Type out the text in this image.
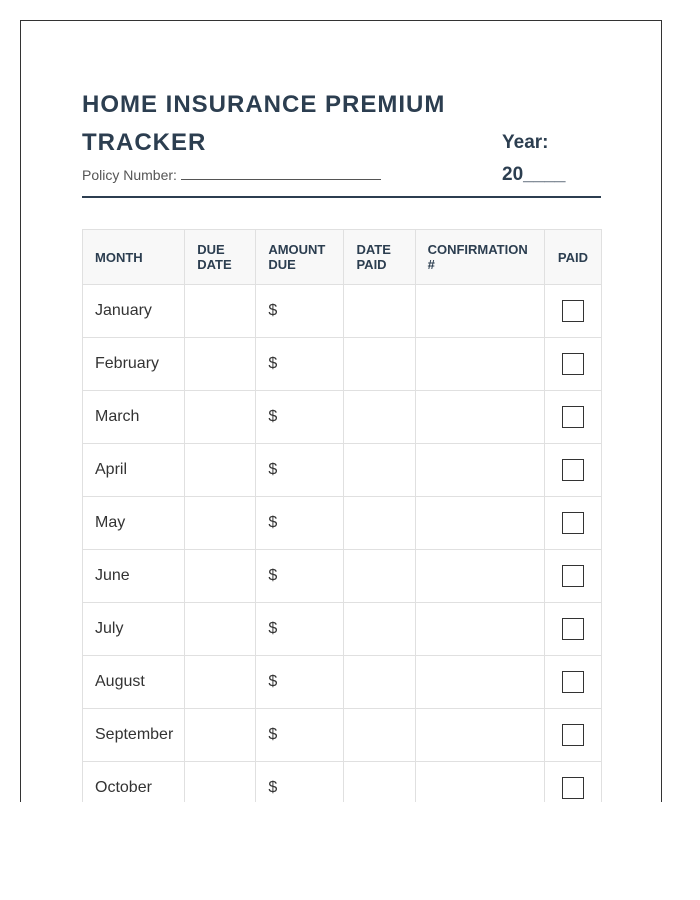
HOME INSURANCE PREMIUM TRACKER
Policy Number:
Year:
20____
MONTH	DUE DATE	AMOUNT DUE	DATE PAID	CONFIRMATION #	PAID
January		$			
February		$			
March		$			
April		$			
May		$			
June		$			
July		$			
August		$			
September		$			
October		$			
